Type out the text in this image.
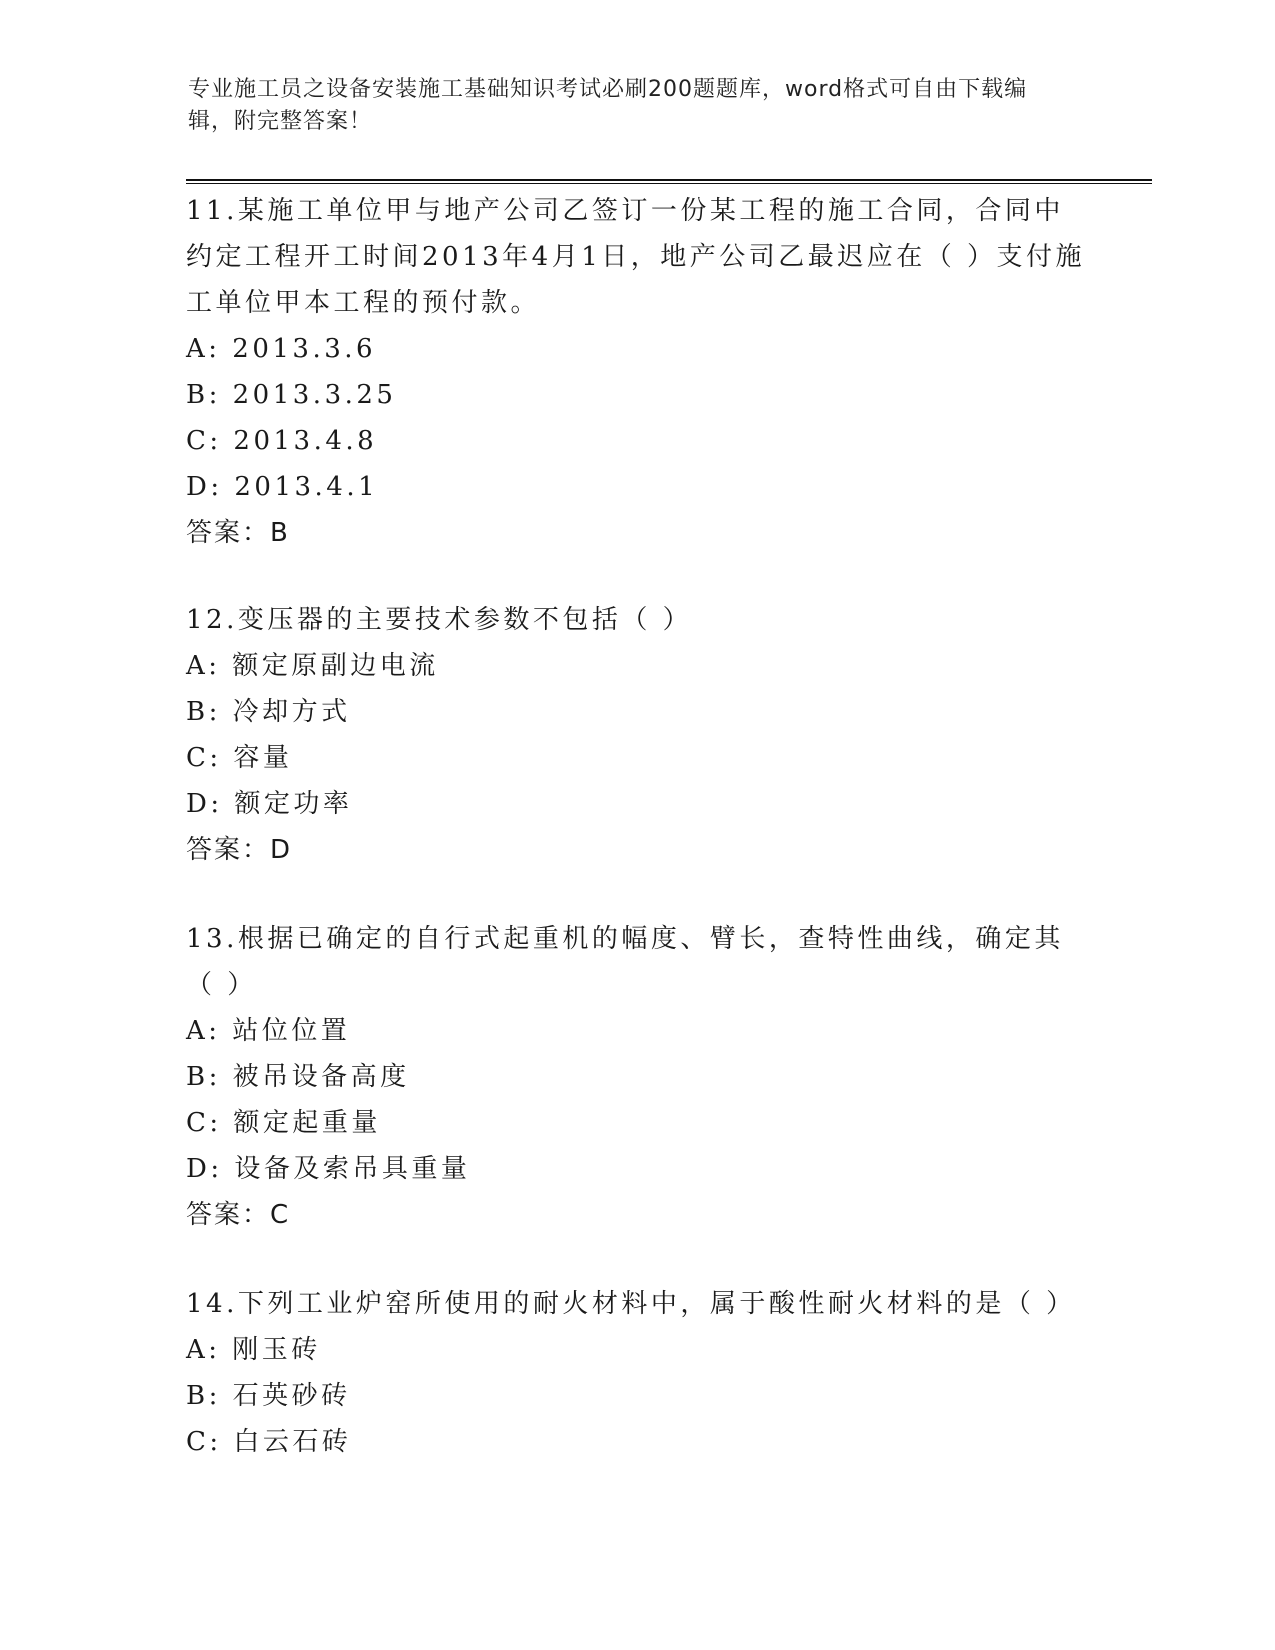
专业施工员之设备安装施工基础知识考试必刷200题题库，word格式可自由下载编辑，附完整答案！
11.某施工单位甲与地产公司乙签订一份某工程的施工合同，合同中约定工程开工时间2013年4月1日，地产公司乙最迟应在（ ）支付施工单位甲本工程的预付款。
A: 2013.3.6
B: 2013.3.25
C: 2013.4.8
D: 2013.4.1
答案：B
12.变压器的主要技术参数不包括（ ）
A: 额定原副边电流
B: 冷却方式
C: 容量
D: 额定功率
答案：D
13.根据已确定的自行式起重机的幅度、臂长，查特性曲线，确定其（ ）
A: 站位位置
B: 被吊设备高度
C: 额定起重量
D: 设备及索吊具重量
答案：C
14.下列工业炉窑所使用的耐火材料中，属于酸性耐火材料的是（ ）
A: 刚玉砖
B: 石英砂砖
C: 白云石砖
